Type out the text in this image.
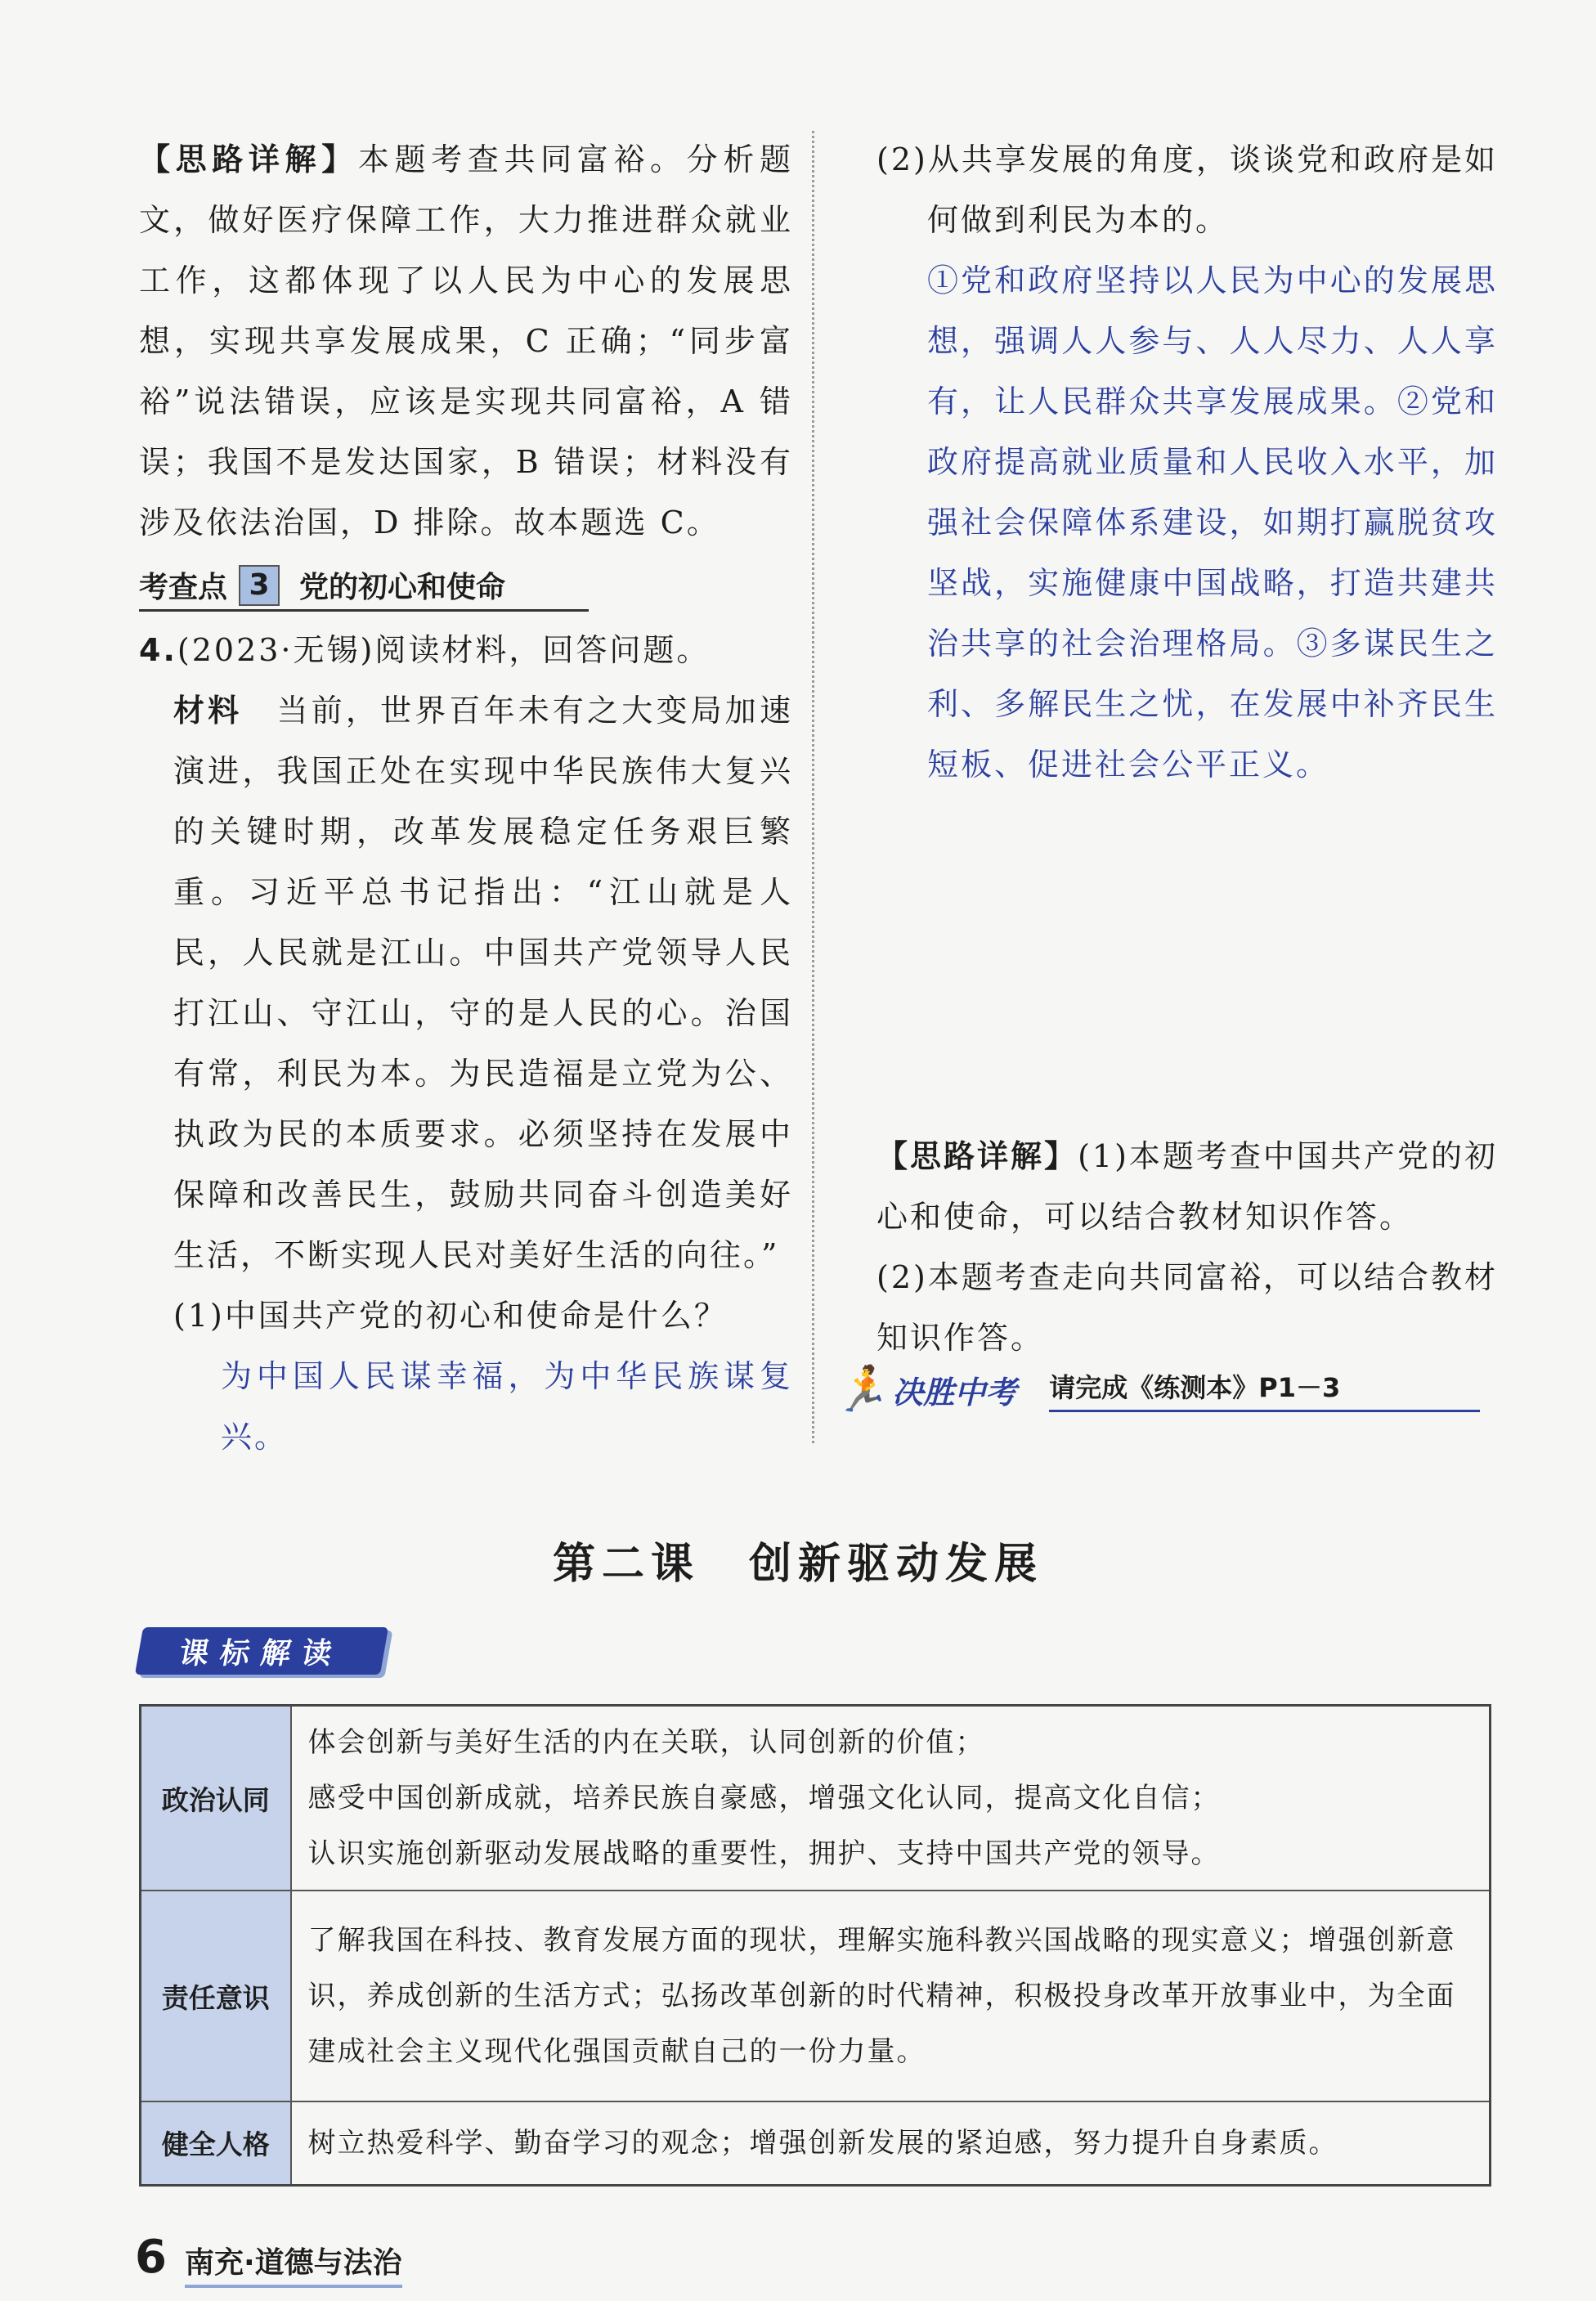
【思路详解】本题考查共同富裕。分析题文，做好医疗保障工作，大力推进群众就业工作，这都体现了以人民为中心的发展思想，实现共享发展成果，C 正确；“同步富裕”说法错误，应该是实现共同富裕，A 错误；我国不是发达国家，B 错误；材料没有涉及依法治国，D 排除。故本题选 C。

考查点 3	党的初心和使命

4.(2023·无锡)阅读材料，回答问题。

材料　 当前，世界百年未有之大变局加速演进，我国正处在实现中华民族伟大复兴的关键时期，改革发展稳定任务艰巨繁重。习近平总书记指出：“江山就是人民，人民就是江山。中国共产党领导人民打江山、守江山，守的是人民的心。治国有常，利民为本。为民造福是立党为公、执政为民的本质要求。必须坚持在发展中保障和改善民生，鼓励共同奋斗创造美好生活，不断实现人民对美好生活的向往。”

(1)中国共产党的初心和使命是什么？

为中国人民谋幸福，为中华民族谋复兴。

(2)从共享发展的角度，谈谈党和政府是如何做到利民为本的。

①党和政府坚持以人民为中心的发展思想，强调人人参与、人人尽力、人人享有，让人民群众共享发展成果。②党和政府提高就业质量和人民收入水平，加强社会保障体系建设，如期打赢脱贫攻坚战，实施健康中国战略，打造共建共治共享的社会治理格局。③多谋民生之利、多解民生之忧，在发展中补齐民生短板、促进社会公平正义。

【思路详解】(1)本题考查中国共产党的初心和使命，可以结合教材知识作答。

(2)本题考查走向共同富裕，可以结合教材知识作答。

🏃 决胜中考 请完成《练测本》P1－3
第二课　创新驱动发展
课标解读
政治认同	体会创新与美好生活的内在关联，认同创新的价值；
感受中国创新成就，培养民族自豪感，增强文化认同，提高文化自信；
认识实施创新驱动发展战略的重要性，拥护、支持中国共产党的领导。

责任意识	了解我国在科技、教育发展方面的现状，理解实施科教兴国战略的现实意义；增强创新意识，养成创新的生活方式；弘扬改革创新的时代精神，积极投身改革开放事业中，为全面建成社会主义现代化强国贡献自己的一份力量。

健全人格	树立热爱科学、勤奋学习的观念；增强创新发展的紧迫感，努力提升自身素质。
6 南充·道德与法治
